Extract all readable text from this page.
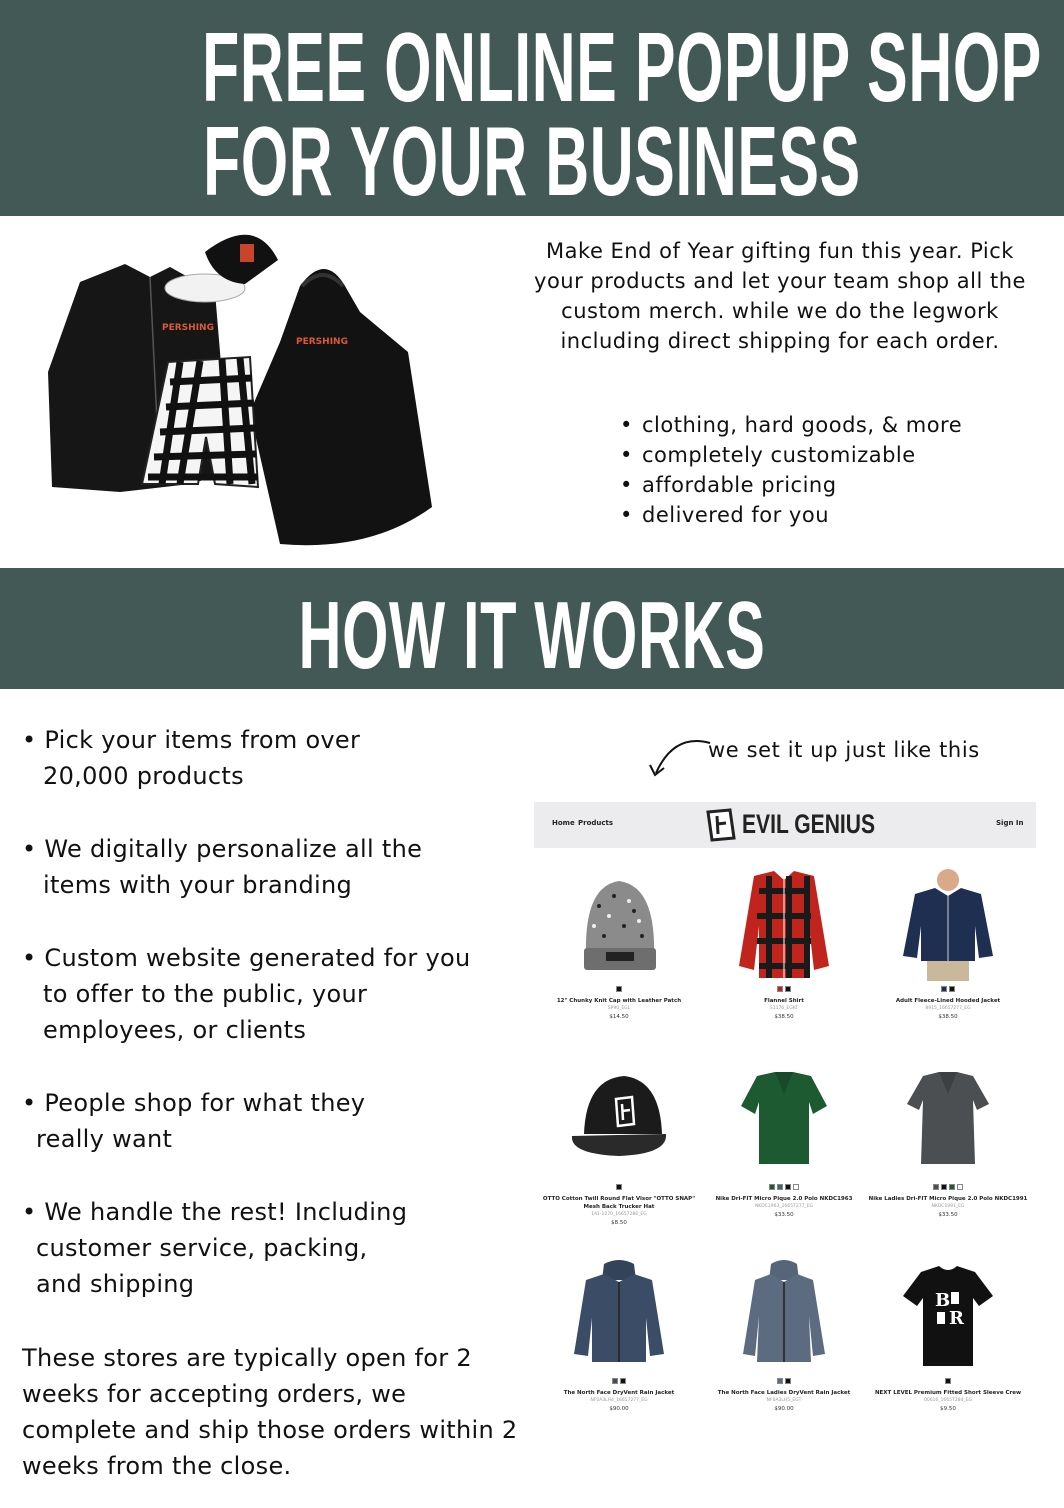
FREE ONLINE POPUP SHOP
FOR YOUR BUSINESS
PERSHING
PERSHING
Make End of Year gifting fun this year. Pick your products and let your team shop all the custom merch. while we do the legwork including direct shipping for each order.
• clothing, hard goods, & more
• completely customizable
• affordable pricing
• delivered for you
HOW IT WORKS
• Pick your items from over
20,000 products
• We digitally personalize all the
items with your branding
• Custom website generated for you
to offer to the public, your
employees, or clients
• People shop for what they
really want
• We handle the rest! Including
customer service, packing,
and shipping
These stores are typically open for 2 weeks for accepting orders, we complete and ship those orders within 2 weeks from the close.
we set it up just like this
Home Products	EVIL GENIUS	Sign In
12" Chunky Knit Cap with Leather Patch
SP90_EGL
$14.50
Flannel Shirt
S1176_EGKT
$38.50
Adult Fleece-Lined Hooded Jacket
8915_16657277_EG
$38.50
OTTO Cotton Twill Round Flat Visor "OTTO SNAP" Mesh Back Trucker Hat
141-1070_16657286_EG
$8.50
Nike Dri-FIT Micro Pique 2.0 Polo NKDC1963
NKDC1963_16657277_EG
$33.50
Nike Ladies Dri-FIT Micro Pique 2.0 Polo NKDC1991
NKDC1991_EG
$33.50
The North Face DryVent Rain Jacket
NF0A3LH4_16657277_EG
$90.00
The North Face Ladies DryVent Rain Jacket
NF0A3LH5_EGT
$90.00
B
R
NEXT LEVEL Premium Fitted Short Sleeve Crew
00616_16657284_EG
$9.50
